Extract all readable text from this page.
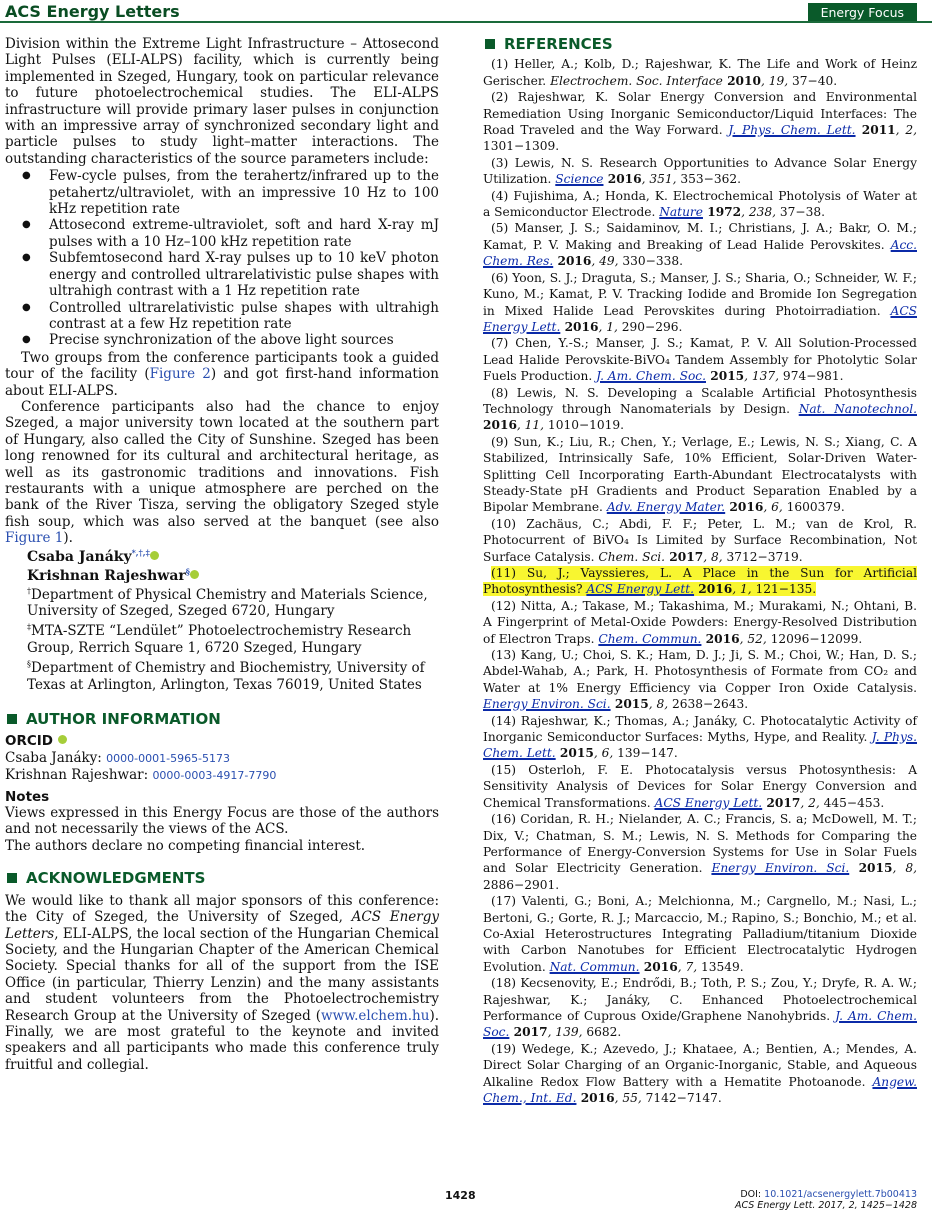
ACS Energy Letters	Energy Focus

Division within the Extreme Light Infrastructure – Attosecond Light Pulses (ELI-ALPS) facility, which is currently being implemented in Szeged, Hungary, took on particular relevance to future photoelectrochemical studies. The ELI-ALPS infrastructure will provide primary laser pulses in conjunction with an impressive array of synchronized secondary light and particle pulses to study light–matter interactions. The outstanding characteristics of the source parameters include:

● Few-cycle pulses, from the terahertz/infrared up to the petahertz/ultraviolet, with an impressive 10 Hz to 100 kHz repetition rate
● Attosecond extreme-ultraviolet, soft and hard X-ray mJ pulses with a 10 Hz–100 kHz repetition rate
● Subfemtosecond hard X-ray pulses up to 10 keV photon energy and controlled ultrarelativistic pulse shapes with ultrahigh contrast with a 1 Hz repetition rate
● Controlled ultrarelativistic pulse shapes with ultrahigh contrast at a few Hz repetition rate
● Precise synchronization of the above light sources

Two groups from the conference participants took a guided tour of the facility (Figure 2) and got first-hand information about ELI-ALPS.

Conference participants also had the chance to enjoy Szeged, a major university town located at the southern part of Hungary, also called the City of Sunshine. Szeged has been long renowned for its cultural and architectural heritage, as well as its gastronomic traditions and innovations. Fish restaurants with a unique atmosphere are perched on the bank of the River Tisza, serving the obligatory Szeged style fish soup, which was also served at the banquet (see also Figure 1).

Csaba Janáky*,†,‡
Krishnan Rajeshwar§
†Department of Physical Chemistry and Materials Science, University of Szeged, Szeged 6720, Hungary
‡MTA-SZTE “Lendület” Photoelectrochemistry Research Group, Rerrich Square 1, 6720 Szeged, Hungary
§Department of Chemistry and Biochemistry, University of Texas at Arlington, Arlington, Texas 76019, United States
AUTHOR INFORMATION
ORCID

Csaba Janáky: 0000-0001-5965-5173

Krishnan Rajeshwar: 0000-0003-4917-7790

Notes

Views expressed in this Energy Focus are those of the authors and not necessarily the views of the ACS.

The authors declare no competing financial interest.

ACKNOWLEDGMENTS

We would like to thank all major sponsors of this conference: the City of Szeged, the University of Szeged, ACS Energy Letters, ELI-ALPS, the local section of the Hungarian Chemical Society, and the Hungarian Chapter of the American Chemical Society. Special thanks for all of the support from the ISE Office (in particular, Thierry Lenzin) and the many assistants and student volunteers from the Photoelectrochemistry Research Group at the University of Szeged (www.elchem.hu). Finally, we are most grateful to the keynote and invited speakers and all participants who made this conference truly fruitful and collegial.

REFERENCES

(1) Heller, A.; Kolb, D.; Rajeshwar, K. The Life and Work of Heinz Gerischer. Electrochem. Soc. Interface 2010, 19, 37−40.

(2) Rajeshwar, K. Solar Energy Conversion and Environmental Remediation Using Inorganic Semiconductor/Liquid Interfaces: The Road Traveled and the Way Forward. J. Phys. Chem. Lett. 2011, 2, 1301−1309.

(3) Lewis, N. S. Research Opportunities to Advance Solar Energy Utilization. Science 2016, 351, 353−362.

(4) Fujishima, A.; Honda, K. Electrochemical Photolysis of Water at a Semiconductor Electrode. Nature 1972, 238, 37−38.

(5) Manser, J. S.; Saidaminov, M. I.; Christians, J. A.; Bakr, O. M.; Kamat, P. V. Making and Breaking of Lead Halide Perovskites. Acc. Chem. Res. 2016, 49, 330−338.

(6) Yoon, S. J.; Draguta, S.; Manser, J. S.; Sharia, O.; Schneider, W. F.; Kuno, M.; Kamat, P. V. Tracking Iodide and Bromide Ion Segregation in Mixed Halide Lead Perovskites during Photoirradiation. ACS Energy Lett. 2016, 1, 290−296.

(7) Chen, Y.-S.; Manser, J. S.; Kamat, P. V. All Solution-Processed Lead Halide Perovskite-BiVO₄ Tandem Assembly for Photolytic Solar Fuels Production. J. Am. Chem. Soc. 2015, 137, 974−981.

(8) Lewis, N. S. Developing a Scalable Artificial Photosynthesis Technology through Nanomaterials by Design. Nat. Nanotechnol. 2016, 11, 1010−1019.

(9) Sun, K.; Liu, R.; Chen, Y.; Verlage, E.; Lewis, N. S.; Xiang, C. A Stabilized, Intrinsically Safe, 10% Efficient, Solar-Driven Water-Splitting Cell Incorporating Earth-Abundant Electrocatalysts with Steady-State pH Gradients and Product Separation Enabled by a Bipolar Membrane. Adv. Energy Mater. 2016, 6, 1600379.

(10) Zachäus, C.; Abdi, F. F.; Peter, L. M.; van de Krol, R. Photocurrent of BiVO₄ Is Limited by Surface Recombination, Not Surface Catalysis. Chem. Sci. 2017, 8, 3712−3719.

(11) Su, J.; Vayssieres, L. A Place in the Sun for Artificial Photosynthesis? ACS Energy Lett. 2016, 1, 121−135.

(12) Nitta, A.; Takase, M.; Takashima, M.; Murakami, N.; Ohtani, B. A Fingerprint of Metal-Oxide Powders: Energy-Resolved Distribution of Electron Traps. Chem. Commun. 2016, 52, 12096−12099.

(13) Kang, U.; Choi, S. K.; Ham, D. J.; Ji, S. M.; Choi, W.; Han, D. S.; Abdel-Wahab, A.; Park, H. Photosynthesis of Formate from CO₂ and Water at 1% Energy Efficiency via Copper Iron Oxide Catalysis. Energy Environ. Sci. 2015, 8, 2638−2643.

(14) Rajeshwar, K.; Thomas, A.; Janáky, C. Photocatalytic Activity of Inorganic Semiconductor Surfaces: Myths, Hype, and Reality. J. Phys. Chem. Lett. 2015, 6, 139−147.

(15) Osterloh, F. E. Photocatalysis versus Photosynthesis: A Sensitivity Analysis of Devices for Solar Energy Conversion and Chemical Transformations. ACS Energy Lett. 2017, 2, 445−453.

(16) Coridan, R. H.; Nielander, A. C.; Francis, S. a; McDowell, M. T.; Dix, V.; Chatman, S. M.; Lewis, N. S. Methods for Comparing the Performance of Energy-Conversion Systems for Use in Solar Fuels and Solar Electricity Generation. Energy Environ. Sci. 2015, 8, 2886−2901.

(17) Valenti, G.; Boni, A.; Melchionna, M.; Cargnello, M.; Nasi, L.; Bertoni, G.; Gorte, R. J.; Marcaccio, M.; Rapino, S.; Bonchio, M.; et al. Co-Axial Heterostructures Integrating Palladium/titanium Dioxide with Carbon Nanotubes for Efficient Electrocatalytic Hydrogen Evolution. Nat. Commun. 2016, 7, 13549.

(18) Kecsenovity, E.; Endrődi, B.; Toth, P. S.; Zou, Y.; Dryfe, R. A. W.; Rajeshwar, K.; Janáky, C. Enhanced Photoelectrochemical Performance of Cuprous Oxide/Graphene Nanohybrids. J. Am. Chem. Soc. 2017, 139, 6682.

(19) Wedege, K.; Azevedo, J.; Khataee, A.; Bentien, A.; Mendes, A. Direct Solar Charging of an Organic-Inorganic, Stable, and Aqueous Alkaline Redox Flow Battery with a Hematite Photoanode. Angew. Chem., Int. Ed. 2016, 55, 7142−7147.

1428	DOI: 10.1021/acsenergylett.7b00413
ACS Energy Lett. 2017, 2, 1425−1428
